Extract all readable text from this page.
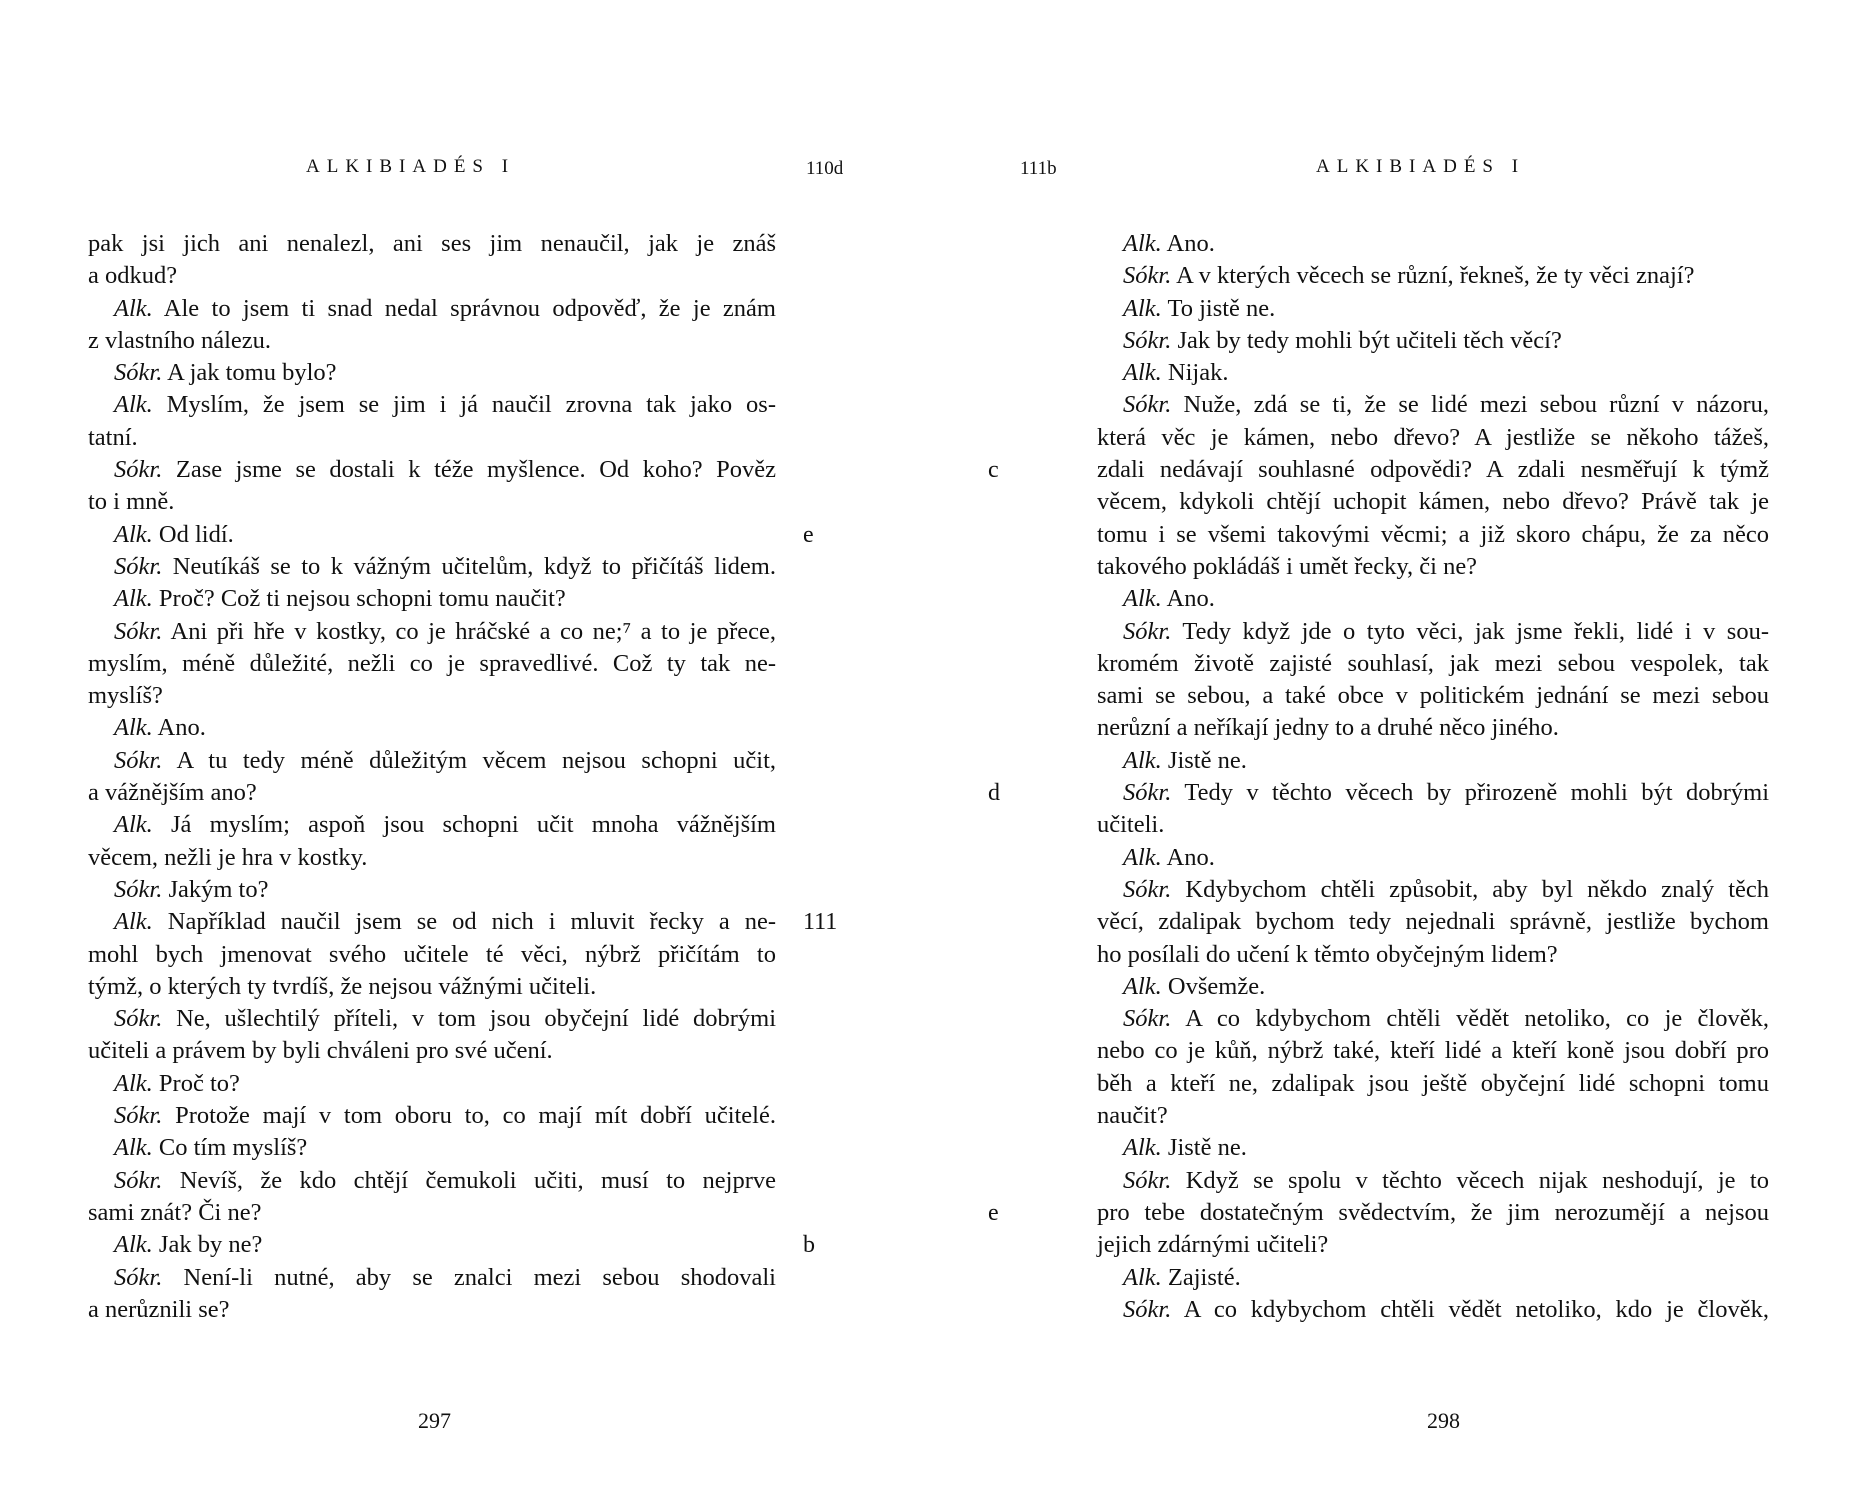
ALKIBIADÉS I	110d
pak jsi jich ani nenalezl, ani ses jim nenaučil, jak je znáš
a odkud?
Alk. Ale to jsem ti snad nedal správnou odpověď, že je znám
z vlastního nálezu.
Sókr. A jak tomu bylo?
Alk. Myslím, že jsem se jim i já naučil zrovna tak jako os-
tatní.
Sókr. Zase jsme se dostali k téže myšlence. Od koho? Pověz
to i mně.
Alk. Od lidí.	e
Sókr. Neutíkáš se to k vážným učitelům, když to přičítáš lidem.
Alk. Proč? Což ti nejsou schopni tomu naučit?
Sókr. Ani při hře v kostky, co je hráčské a co ne;⁷ a to je přece,
myslím, méně důležité, nežli co je spravedlivé. Což ty tak ne-
myslíš?
Alk. Ano.
Sókr. A tu tedy méně důležitým věcem nejsou schopni učit,
a vážnějším ano?
Alk. Já myslím; aspoň jsou schopni učit mnoha vážnějším
věcem, nežli je hra v kostky.
Sókr. Jakým to?
Alk. Například naučil jsem se od nich i mluvit řecky a ne- 111
mohl bych jmenovat svého učitele té věci, nýbrž přičítám to
týmž, o kterých ty tvrdíš, že nejsou vážnými učiteli.
Sókr. Ne, ušlechtilý příteli, v tom jsou obyčejní lidé dobrými
učiteli a právem by byli chváleni pro své učení.
Alk. Proč to?
Sókr. Protože mají v tom oboru to, co mají mít dobří učitelé.
Alk. Co tím myslíš?
Sókr. Nevíš, že kdo chtějí čemukoli učiti, musí to nejprve
sami znát? Či ne?
Alk. Jak by ne?	b
Sókr. Není-li nutné, aby se znalci mezi sebou shodovali
a nerůznili se?
297
111b	ALKIBIADÉS I
Alk. Ano.
Sókr. A v kterých věcech se různí, řekneš, že ty věci znají?
Alk. To jistě ne.
Sókr. Jak by tedy mohli být učiteli těch věcí?
Alk. Nijak.
Sókr. Nuže, zdá se ti, že se lidé mezi sebou různí v názoru,
která věc je kámen, nebo dřevo? A jestliže se někoho tážeš,
zdali nedávají souhlasné odpovědi? A zdali nesměřují k týmž
c
věcem, kdykoli chtějí uchopit kámen, nebo dřevo? Právě tak je
tomu i se všemi takovými věcmi; a již skoro chápu, že za něco
takového pokládáš i umět řecky, či ne?
Alk. Ano.
Sókr. Tedy když jde o tyto věci, jak jsme řekli, lidé i v sou-
kromém životě zajisté souhlasí, jak mezi sebou vespolek, tak
sami se sebou, a také obce v politickém jednání se mezi sebou
nerůzní a neříkají jedny to a druhé něco jiného.
Alk. Jistě ne.
Sókr. Tedy v těchto věcech by přirozeně mohli být dobrými
d
učiteli.
Alk. Ano.
Sókr. Kdybychom chtěli způsobit, aby byl někdo znalý těch
věcí, zdalipak bychom tedy nejednali správně, jestliže bychom
ho posílali do učení k těmto obyčejným lidem?
Alk. Ovšemže.
Sókr. A co kdybychom chtěli vědět netoliko, co je člověk,
nebo co je kůň, nýbrž také, kteří lidé a kteří koně jsou dobří pro
běh a kteří ne, zdalipak jsou ještě obyčejní lidé schopni tomu
naučit?
Alk. Jistě ne.
Sókr. Když se spolu v těchto věcech nijak neshodují, je to
pro tebe dostatečným svědectvím, že jim nerozumějí a nejsou
e
jejich zdárnými učiteli?
Alk. Zajisté.
Sókr. A co kdybychom chtěli vědět netoliko, kdo je člověk,
298
